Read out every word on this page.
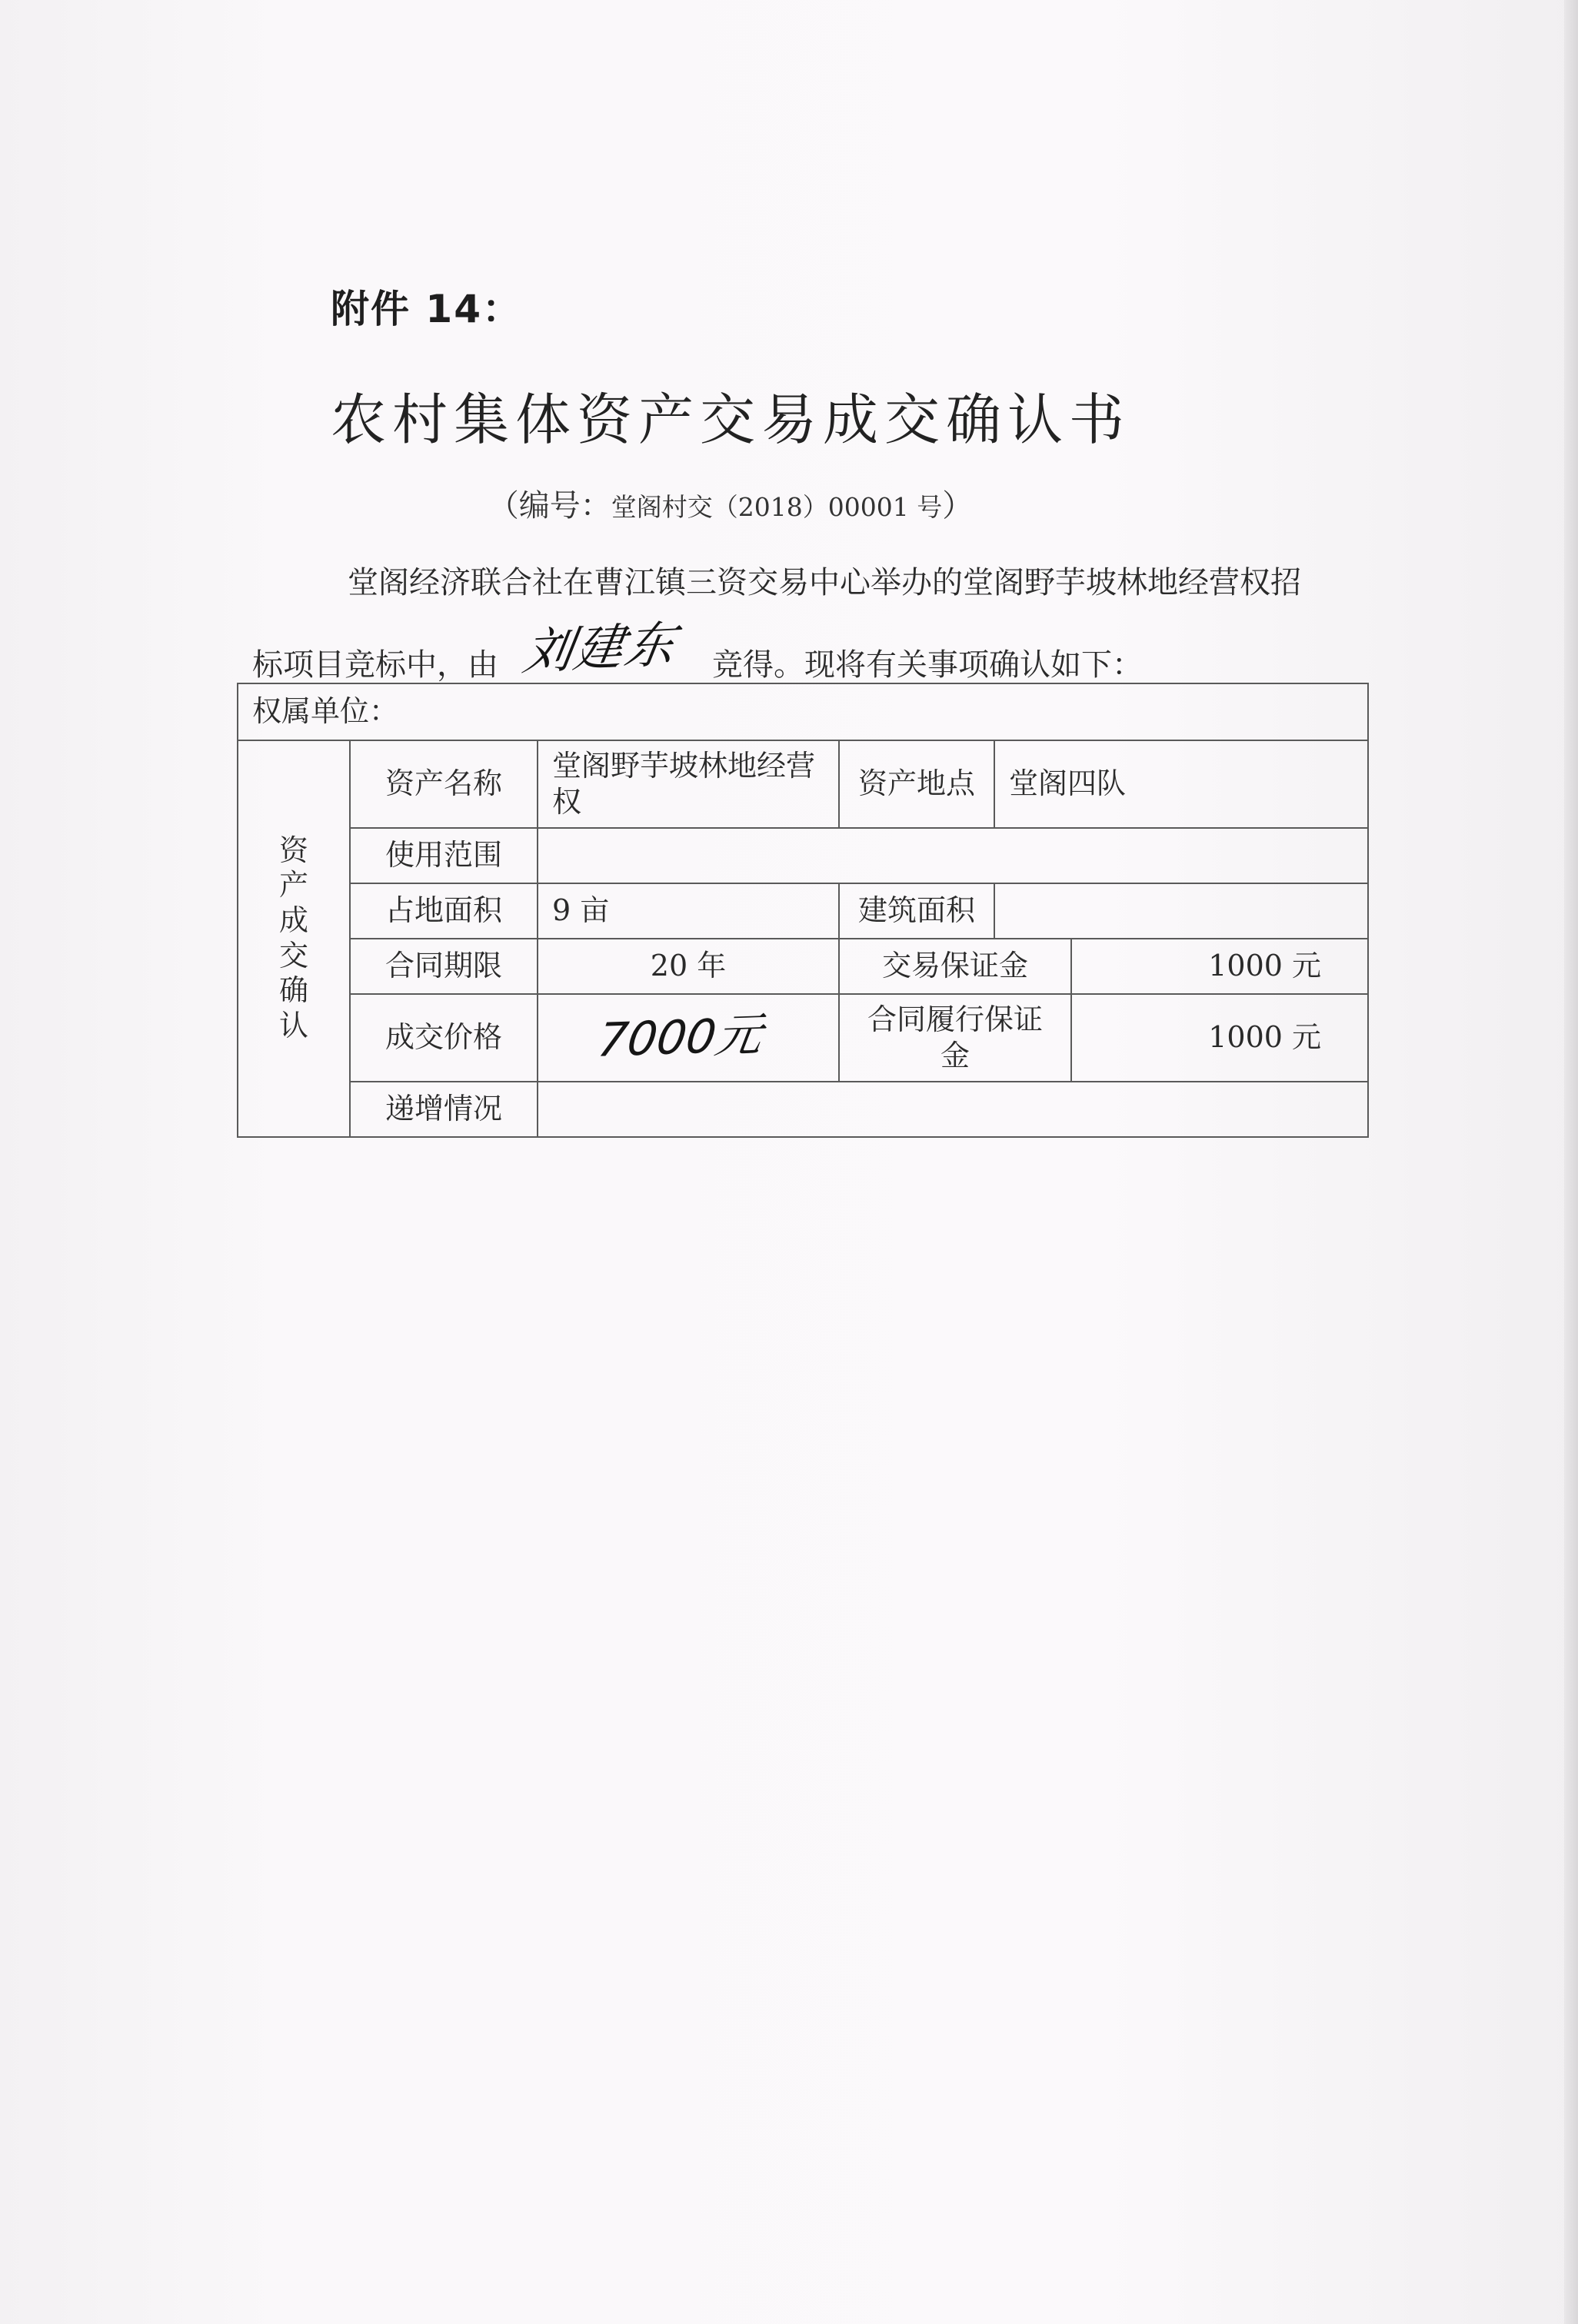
附件 14：
农村集体资产交易成交确认书
（编号：堂阁村交（2018）00001 号）
堂阁经济联合社在曹江镇三资交易中心举办的堂阁野芋坡林地经营权招
标项目竞标中，由 刘建东 竞得。现将有关事项确认如下：
权属单位：					
资产成交确认	资产名称	堂阁野芋坡林地经营权	资产地点	堂阁四队	
	使用范围				
	占地面积	9 亩	建筑面积		
	合同期限	20 年	交易保证金		1000 元
	成交价格	7000元	合同履行保证金		1000 元
	递增情况				
